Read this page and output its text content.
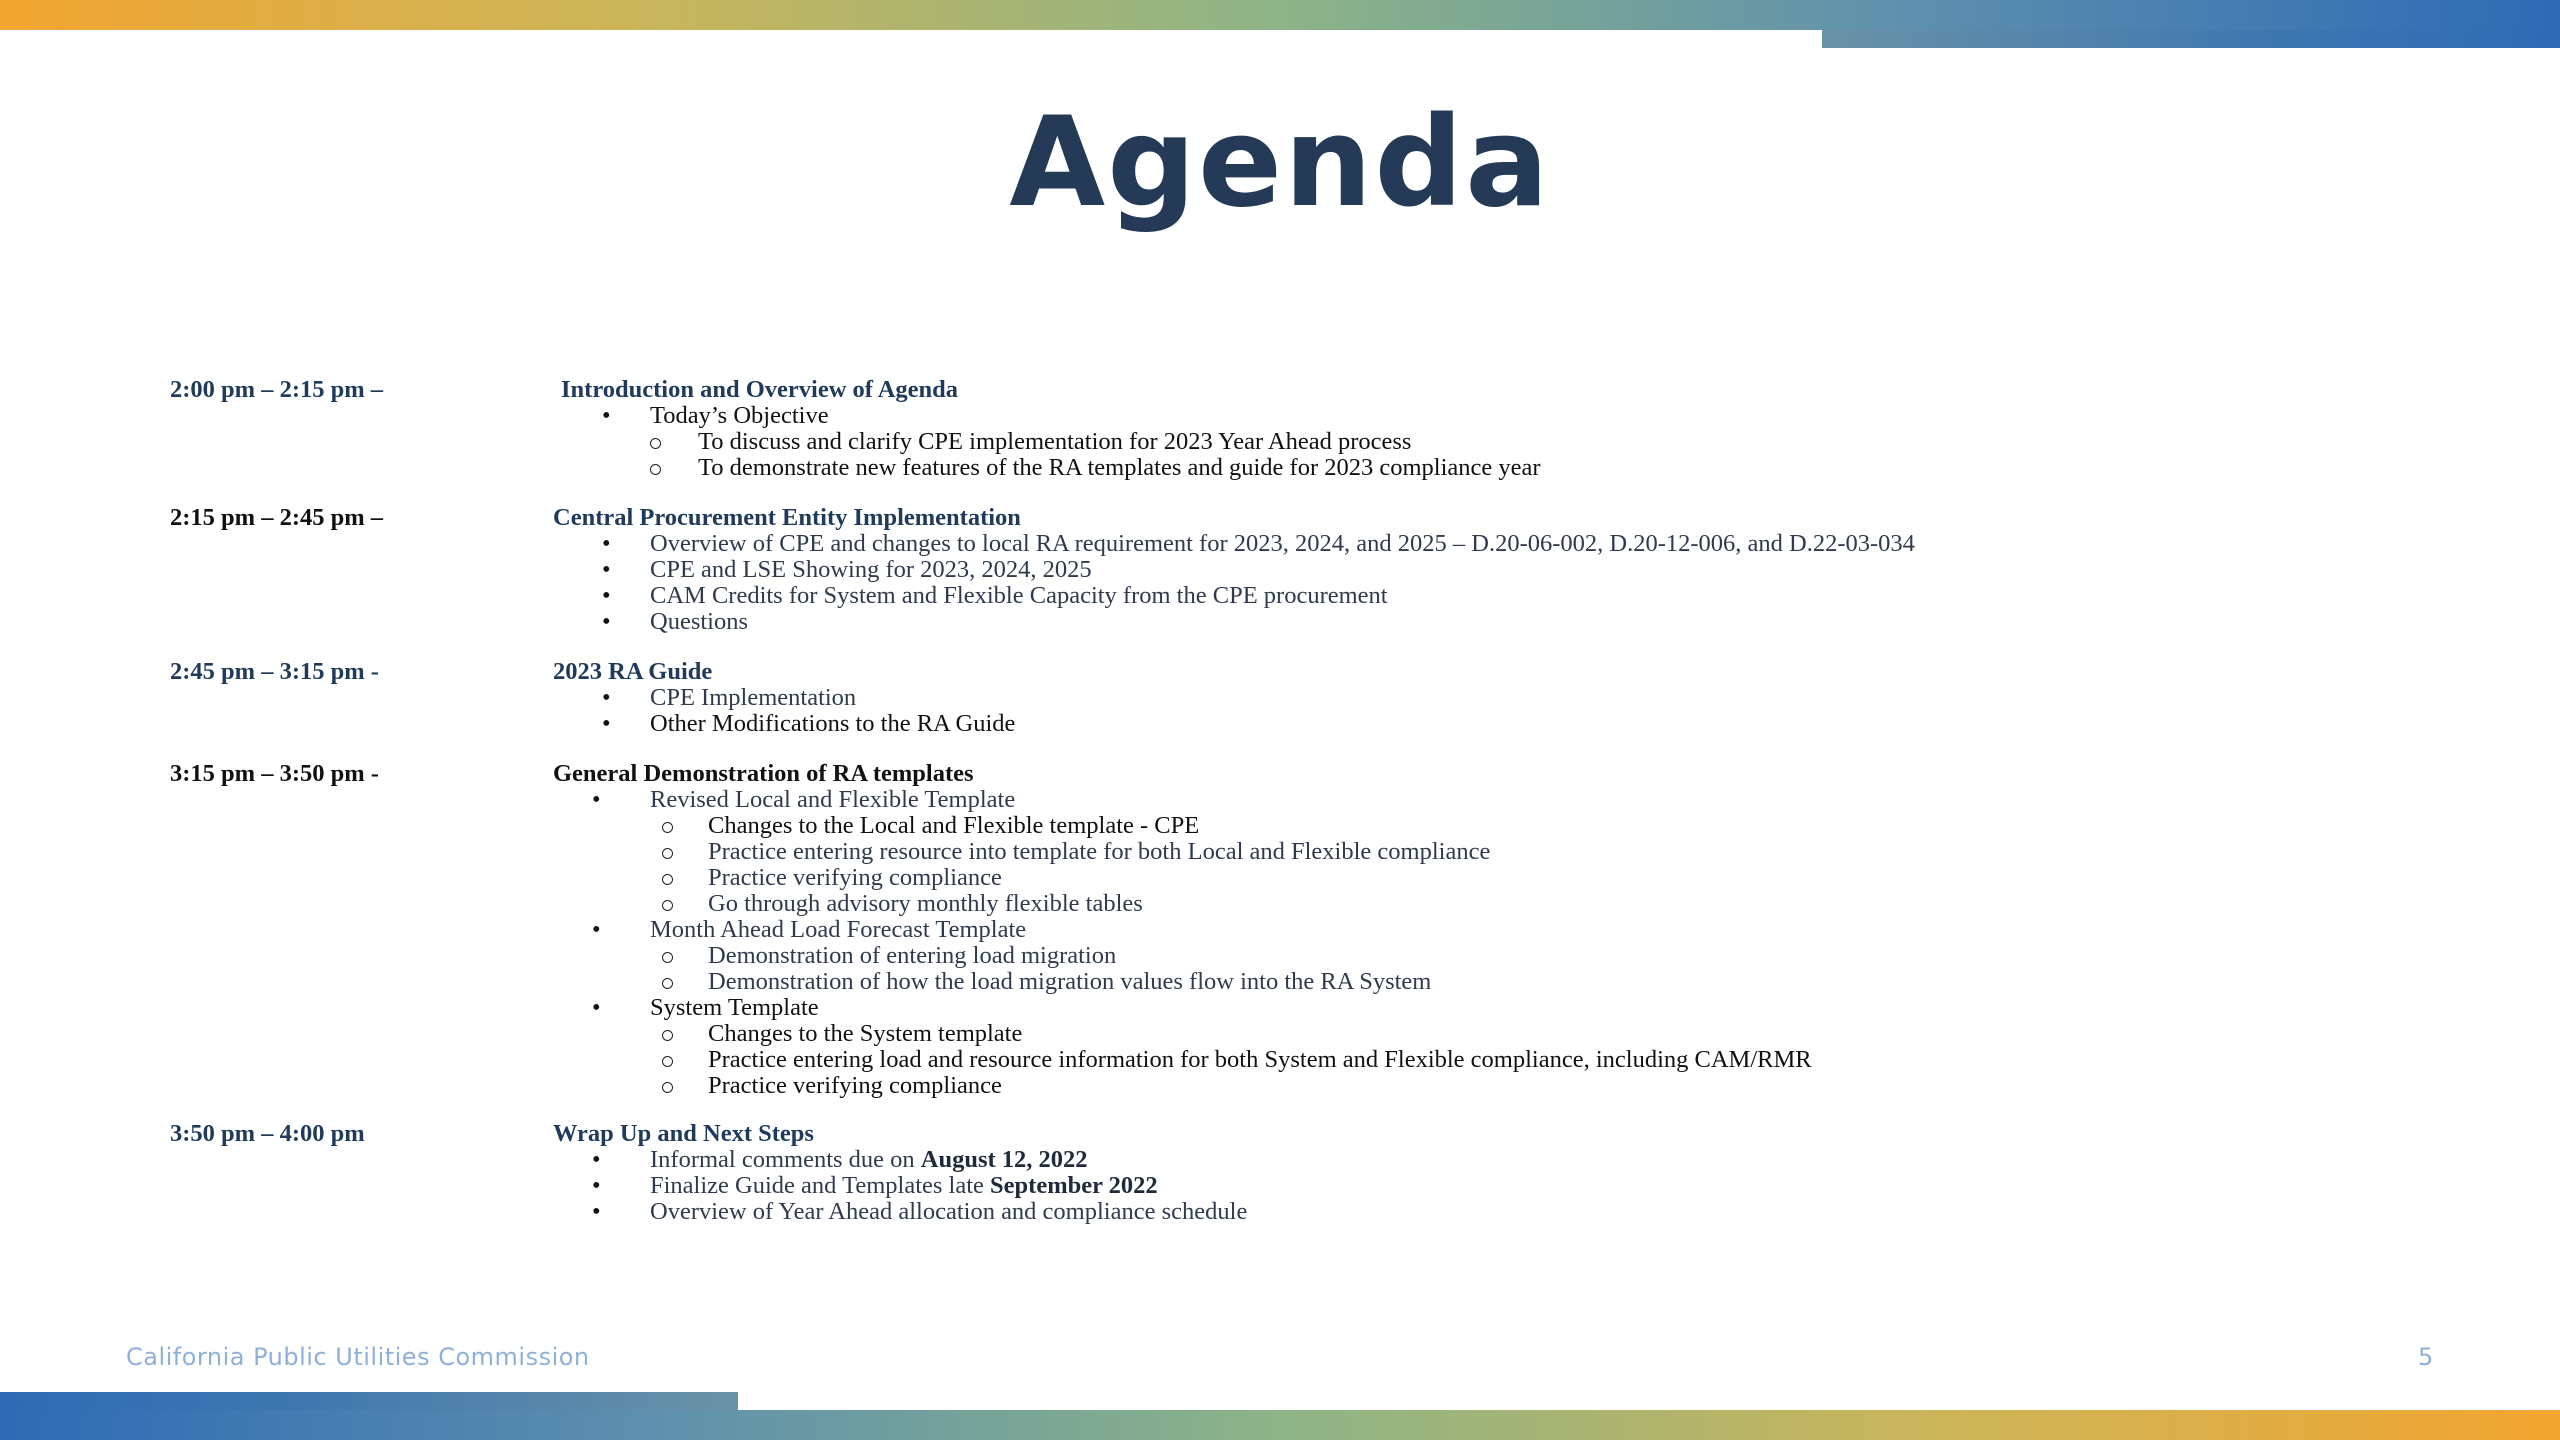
Agenda
2:00 pm – 2:15 pm –	Introduction and Overview of Agenda
• Today’s Objective
To discuss and clarify CPE implementation for 2023 Year Ahead process
To demonstrate new features of the RA templates and guide for 2023 compliance year
2:15 pm – 2:45 pm –	Central Procurement Entity Implementation
• Overview of CPE and changes to local RA requirement for 2023, 2024, and 2025 – D.20-06-002, D.20-12-006, and D.22-03-034
• CPE and LSE Showing for 2023, 2024, 2025
• CAM Credits for System and Flexible Capacity from the CPE procurement
• Questions
2:45 pm – 3:15 pm -	2023 RA Guide
• CPE Implementation
• Other Modifications to the RA Guide
3:15 pm – 3:50 pm -	General Demonstration of RA templates
• Revised Local and Flexible Template
Changes to the Local and Flexible template - CPE
Practice entering resource into template for both Local and Flexible compliance
Practice verifying compliance
Go through advisory monthly flexible tables
• Month Ahead Load Forecast Template
Demonstration of entering load migration
Demonstration of how the load migration values flow into the RA System
• System Template
Changes to the System template
Practice entering load and resource information for both System and Flexible compliance, including CAM/RMR
Practice verifying compliance
3:50 pm – 4:00 pm	Wrap Up and Next Steps
• Informal comments due on August 12, 2022
• Finalize Guide and Templates late September 2022
• Overview of Year Ahead allocation and compliance schedule
California Public Utilities Commission	5
